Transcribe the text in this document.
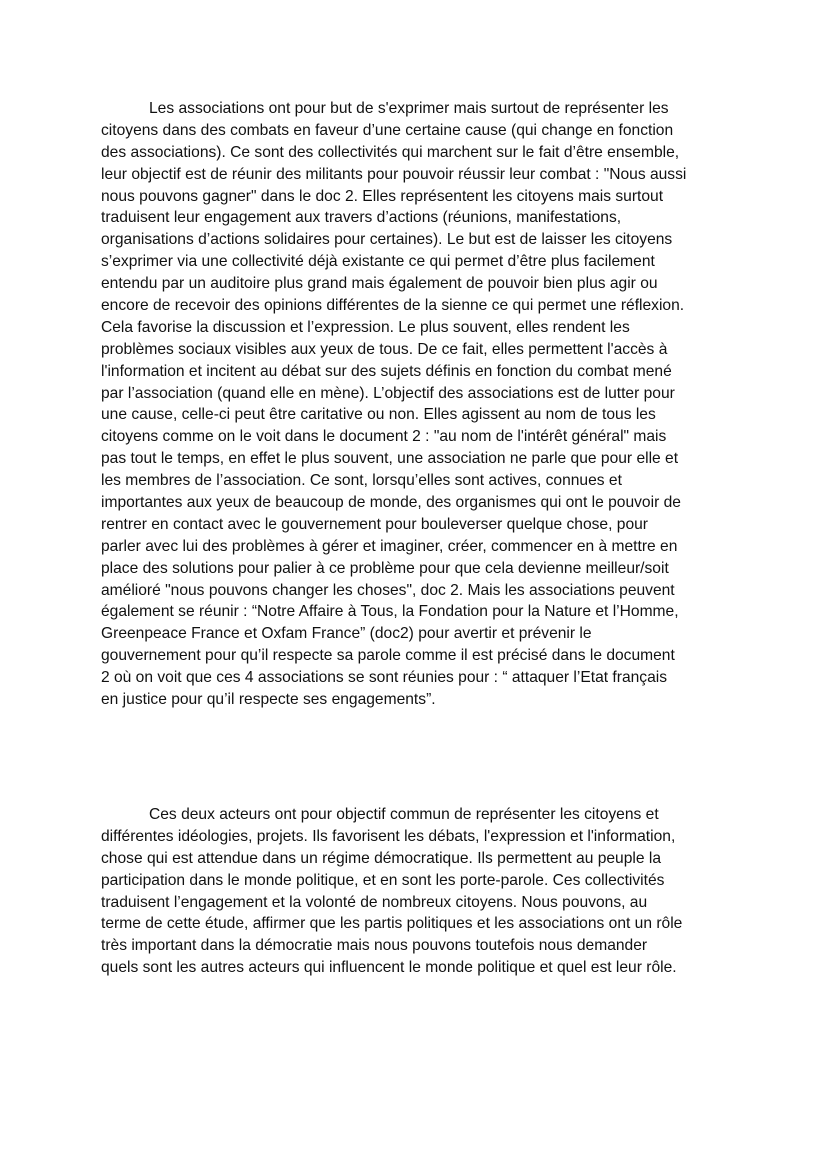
Les associations ont pour but de s'exprimer mais surtout de représenter les
citoyens dans des combats en faveur d’une certaine cause (qui change en fonction
des associations). Ce sont des collectivités qui marchent sur le fait d’être ensemble,
leur objectif est de réunir des militants pour pouvoir réussir leur combat : "Nous aussi
nous pouvons gagner" dans le doc 2. Elles représentent les citoyens mais surtout
traduisent leur engagement aux travers d’actions (réunions, manifestations,
organisations d’actions solidaires pour certaines). Le but est de laisser les citoyens
s’exprimer via une collectivité déjà existante ce qui permet d’être plus facilement
entendu par un auditoire plus grand mais également de pouvoir bien plus agir ou
encore de recevoir des opinions différentes de la sienne ce qui permet une réflexion.
Cela favorise la discussion et l’expression. Le plus souvent, elles rendent les
problèmes sociaux visibles aux yeux de tous. De ce fait, elles permettent l'accès à
l'information et incitent au débat sur des sujets définis en fonction du combat mené
par l’association (quand elle en mène). L’objectif des associations est de lutter pour
une cause, celle-ci peut être caritative ou non. Elles agissent au nom de tous les
citoyens comme on le voit dans le document 2 : "au nom de l'intérêt général" mais
pas tout le temps, en effet le plus souvent, une association ne parle que pour elle et
les membres de l’association. Ce sont, lorsqu’elles sont actives, connues et
importantes aux yeux de beaucoup de monde, des organismes qui ont le pouvoir de
rentrer en contact avec le gouvernement pour bouleverser quelque chose, pour
parler avec lui des problèmes à gérer et imaginer, créer, commencer en à mettre en
place des solutions pour palier à ce problème pour que cela devienne meilleur/soit
amélioré "nous pouvons changer les choses", doc 2. Mais les associations peuvent
également se réunir : “Notre Affaire à Tous, la Fondation pour la Nature et l’Homme,
Greenpeace France et Oxfam France” (doc2) pour avertir et prévenir le
gouvernement pour qu’il respecte sa parole comme il est précisé dans le document
2 où on voit que ces 4 associations se sont réunies pour : “ attaquer l’Etat français
en justice pour qu’il respecte ses engagements”.

Ces deux acteurs ont pour objectif commun de représenter les citoyens et
différentes idéologies, projets. Ils favorisent les débats, l'expression et l'information,
chose qui est attendue dans un régime démocratique. Ils permettent au peuple la
participation dans le monde politique, et en sont les porte-parole. Ces collectivités
traduisent l’engagement et la volonté de nombreux citoyens. Nous pouvons, au
terme de cette étude, affirmer que les partis politiques et les associations ont un rôle
très important dans la démocratie mais nous pouvons toutefois nous demander
quels sont les autres acteurs qui influencent le monde politique et quel est leur rôle.
